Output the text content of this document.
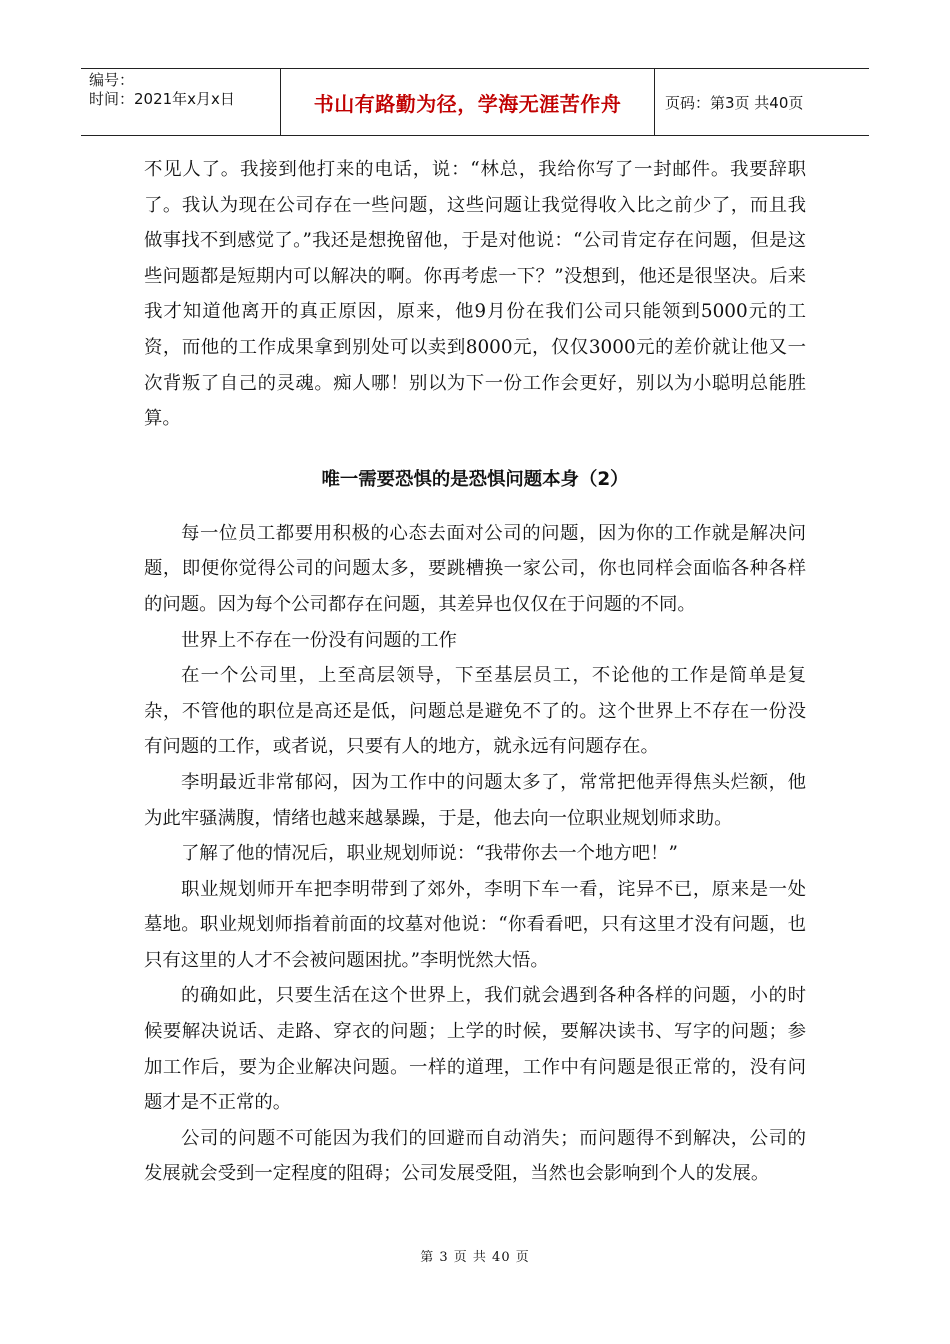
编号：
时间：2021年x月x日	书山有路勤为径，学海无涯苦作舟	页码：第3页 共40页

不见人了。我接到他打来的电话，说：“林总，我给你写了一封邮件。我要辞职了。我认为现在公司存在一些问题，这些问题让我觉得收入比之前少了，而且我做事找不到感觉了。”我还是想挽留他，于是对他说：“公司肯定存在问题，但是这些问题都是短期内可以解决的啊。你再考虑一下？”没想到，他还是很坚决。后来我才知道他离开的真正原因，原来，他9月份在我们公司只能领到5000元的工资，而他的工作成果拿到别处可以卖到8000元，仅仅3000元的差价就让他又一次背叛了自己的灵魂。痴人哪！别以为下一份工作会更好，别以为小聪明总能胜算。

唯一需要恐惧的是恐惧问题本身（2）

每一位员工都要用积极的心态去面对公司的问题，因为你的工作就是解决问题，即便你觉得公司的问题太多，要跳槽换一家公司，你也同样会面临各种各样的问题。因为每个公司都存在问题，其差异也仅仅在于问题的不同。

世界上不存在一份没有问题的工作

在一个公司里，上至高层领导，下至基层员工，不论他的工作是简单是复杂，不管他的职位是高还是低，问题总是避免不了的。这个世界上不存在一份没有问题的工作，或者说，只要有人的地方，就永远有问题存在。

李明最近非常郁闷，因为工作中的问题太多了，常常把他弄得焦头烂额，他为此牢骚满腹，情绪也越来越暴躁，于是，他去向一位职业规划师求助。

了解了他的情况后，职业规划师说：“我带你去一个地方吧！”

职业规划师开车把李明带到了郊外，李明下车一看，诧异不已，原来是一处墓地。职业规划师指着前面的坟墓对他说：“你看看吧，只有这里才没有问题，也只有这里的人才不会被问题困扰。”李明恍然大悟。

的确如此，只要生活在这个世界上，我们就会遇到各种各样的问题，小的时候要解决说话、走路、穿衣的问题；上学的时候，要解决读书、写字的问题；参加工作后，要为企业解决问题。一样的道理，工作中有问题是很正常的，没有问题才是不正常的。

公司的问题不可能因为我们的回避而自动消失；而问题得不到解决，公司的发展就会受到一定程度的阻碍；公司发展受阻，当然也会影响到个人的发展。

第 3 页 共 40 页
